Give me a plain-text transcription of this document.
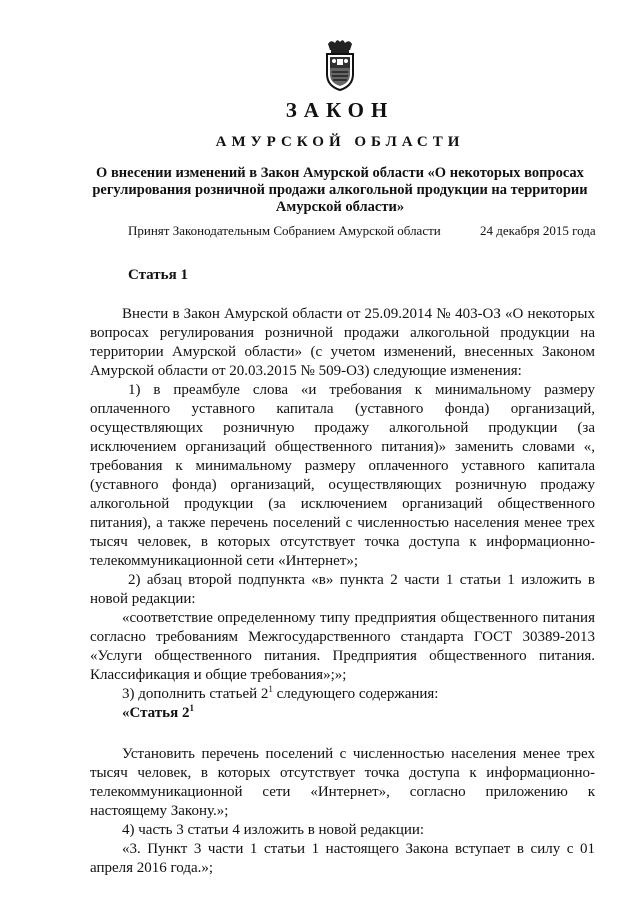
ЗАКОН
АМУРСКОЙ ОБЛАСТИ
О внесении изменений в Закон Амурской области «О некоторых вопросах регулирования розничной продажи алкогольной продукции на территории Амурской области»
Принят Законодательным Собранием Амурской области	24 декабря 2015 года
Статья 1

Внести в Закон Амурской области от 25.09.2014 № 403-ОЗ «О некоторых вопросах регулирования розничной продажи алкогольной продукции на территории Амурской области» (с учетом изменений, внесенных Законом Амурской области от 20.03.2015 № 509-ОЗ) следующие изменения:

1) в преамбуле слова «и требования к минимальному размеру оплаченного уставного капитала (уставного фонда) организаций, осуществляющих розничную продажу алкогольной продукции (за исключением организаций общественного питания)» заменить словами «, требования к минимальному размеру оплаченного уставного капитала (уставного фонда) организаций, осуществляющих розничную продажу алкогольной продукции (за исключением организаций общественного питания), а также перечень поселений с численностью населения менее трех тысяч человек, в которых отсутствует точка доступа к информационно-телекоммуникационной сети «Интернет»;

2) абзац второй подпункта «в» пункта 2 части 1 статьи 1 изложить в новой редакции:

«соответствие определенному типу предприятия общественного питания согласно требованиям Межгосударственного стандарта ГОСТ 30389-2013 «Услуги общественного питания. Предприятия общественного питания. Классификация и общие требования»;»;

3) дополнить статьей $2^1$ следующего содержания:

«Статья $2^1$

Установить перечень поселений с численностью населения менее трех тысяч человек, в которых отсутствует точка доступа к информационно-телекоммуникационной сети «Интернет», согласно приложению к настоящему Закону.»;

4) часть 3 статьи 4 изложить в новой редакции:

«3. Пункт 3 части 1 статьи 1 настоящего Закона вступает в силу с 01 апреля 2016 года.»;
